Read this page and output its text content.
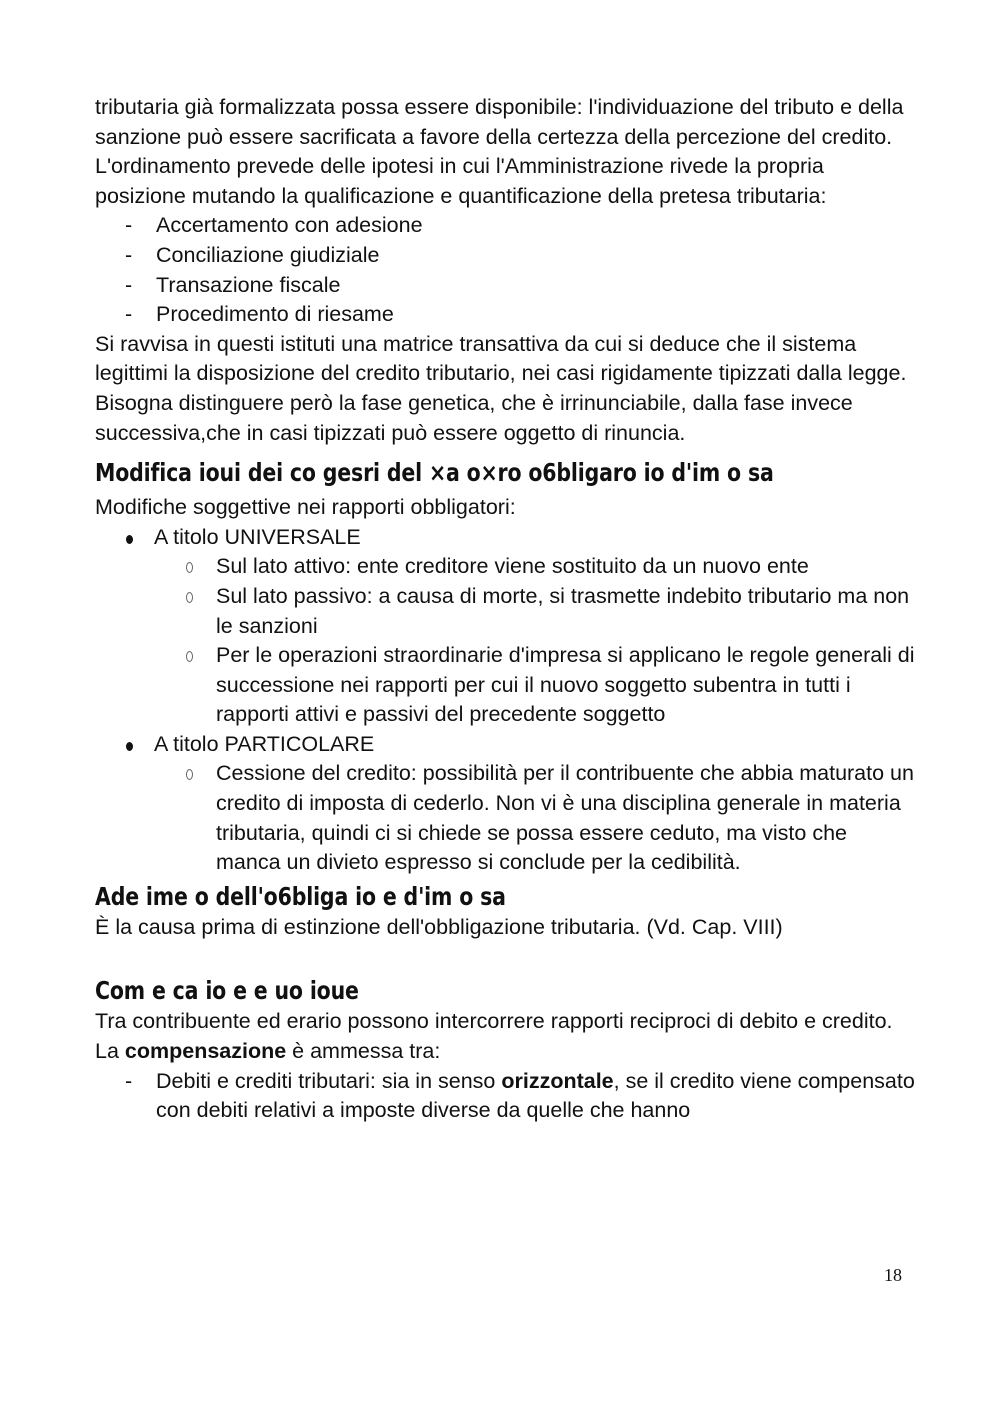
tributaria già formalizzata possa essere disponibile: l'individuazione del tributo e della sanzione può essere sacrificata a favore della certezza della percezione del credito.

L'ordinamento prevede delle ipotesi in cui l'Amministrazione rivede la propria posizione mutando la qualificazione e quantificazione della pretesa tributaria:

- Accertamento con adesione
- Conciliazione giudiziale
- Transazione fiscale
- Procedimento di riesame

Si ravvisa in questi istituti una matrice transattiva da cui si deduce che il sistema legittimi la disposizione del credito tributario, nei casi rigidamente tipizzati dalla legge. Bisogna distinguere però la fase genetica, che è irrinunciabile, dalla fase invece successiva,che in casi tipizzati può essere oggetto di rinuncia.

Modifica ioui dei co gesri del ×a o×ro o6bligaro io d'im o sa

Modifiche soggettive nei rapporti obbligatori:

A titolo UNIVERSALE
Sul lato attivo: ente creditore viene sostituito da un nuovo ente
Sul lato passivo: a causa di morte, si trasmette indebito tributario ma non le sanzioni
Per le operazioni straordinarie d'impresa si applicano le regole generali di successione nei rapporti per cui il nuovo soggetto subentra in tutti i rapporti attivi e passivi del precedente soggetto
A titolo PARTICOLARE
Cessione del credito: possibilità per il contribuente che abbia maturato un credito di imposta di cederlo. Non vi è una disciplina generale in materia tributaria, quindi ci si chiede se possa essere ceduto, ma visto che manca un divieto espresso si conclude per la cedibilità.
Ade ime o dell'o6bliga io e d'im o sa

È la causa prima di estinzione dell'obbligazione tributaria. (Vd. Cap. VIII)

Com e ca io e e uo ioue

Tra contribuente ed erario possono intercorrere rapporti reciproci di debito e credito.

La compensazione è ammessa tra:

- Debiti e crediti tributari: sia in senso orizzontale, se il credito viene compensato con debiti relativi a imposte diverse da quelle che hanno
18
